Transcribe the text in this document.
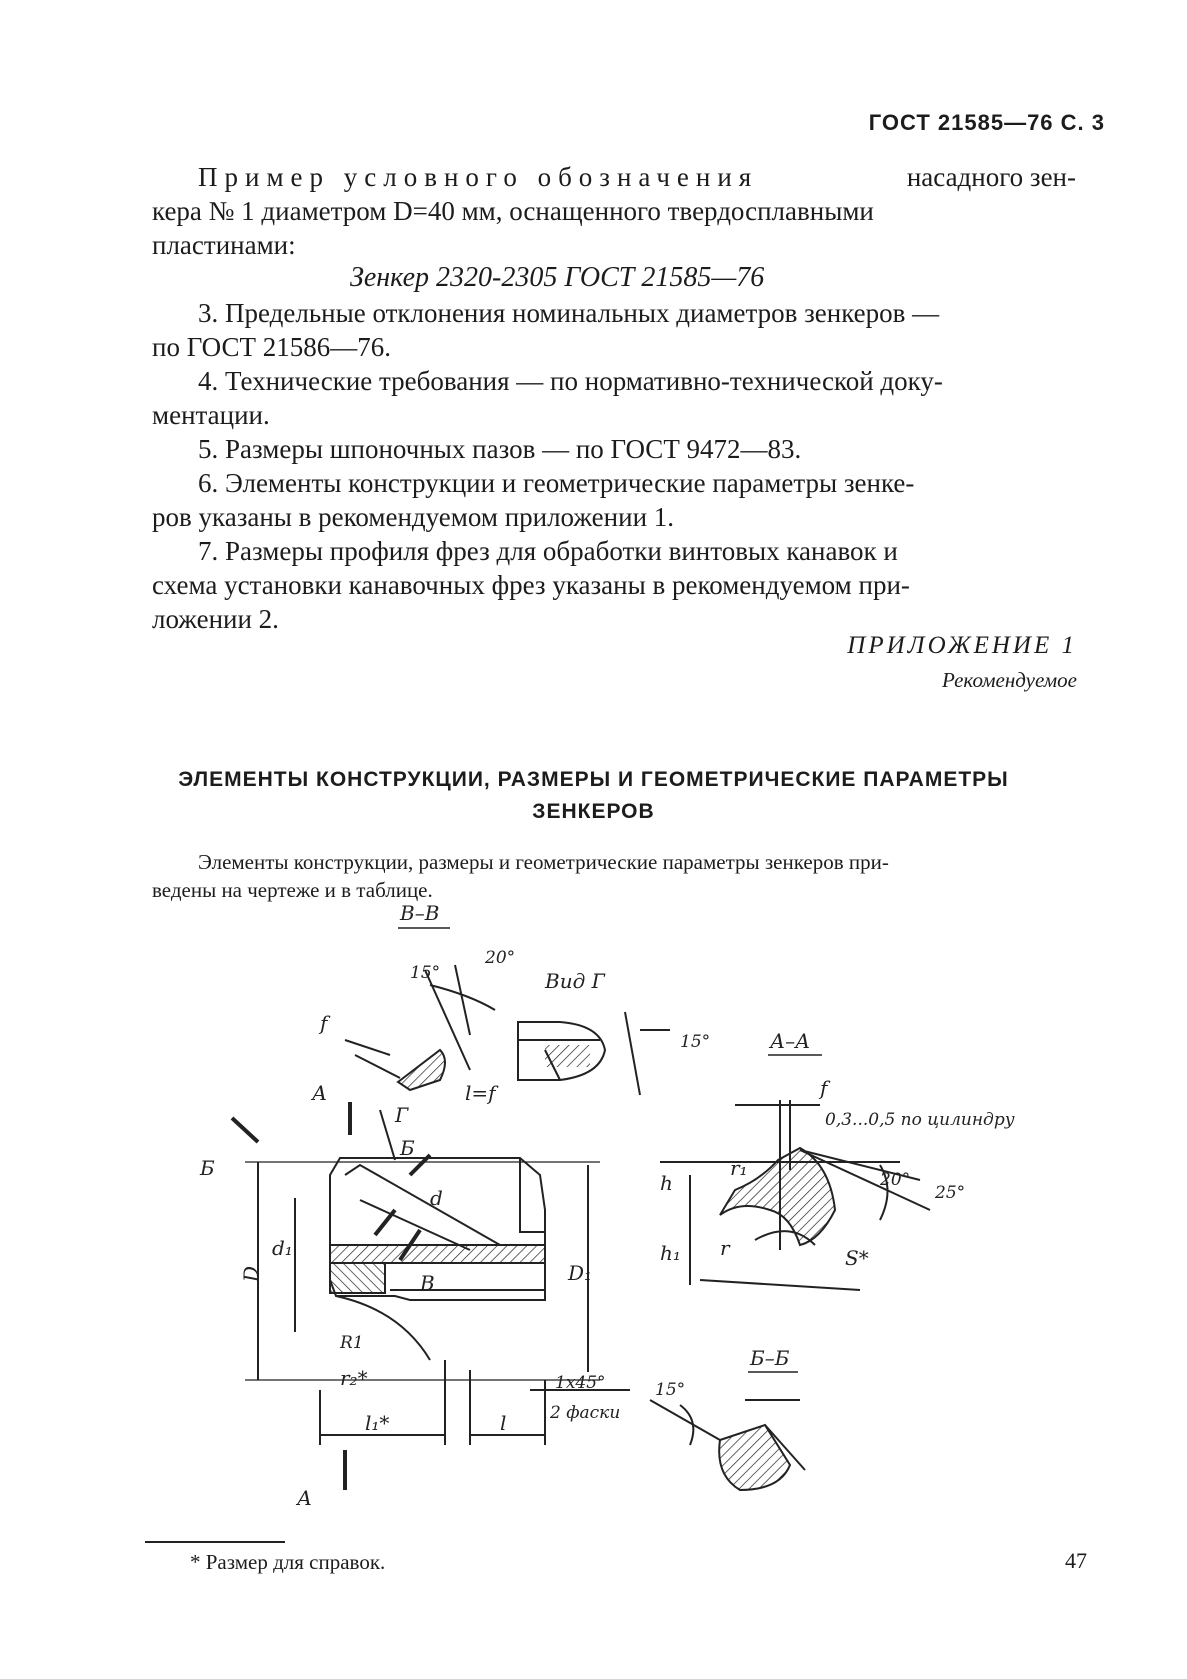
ГОСТ 21585—76 С. 3
Пример условного обозначения	насадного зен-
кера № 1 диаметром D=40 мм, оснащенного твердосплавными
пластинами:
Зенкер 2320-2305 ГОСТ 21585—76
3. Предельные отклонения номинальных диаметров зенкеров —
по ГОСТ 21586—76.
4. Технические требования — по нормативно-технической доку-
ментации.
5. Размеры шпоночных пазов — по ГОСТ 9472—83.
6. Элементы конструкции и геометрические параметры зенке-
ров указаны в рекомендуемом приложении 1.
7. Размеры профиля фрез для обработки винтовых канавок и
схема установки канавочных фрез указаны в рекомендуемом при-
ложении 2.
ПРИЛОЖЕНИЕ 1
Рекомендуемое
ЭЛЕМЕНТЫ КОНСТРУКЦИИ, РАЗМЕРЫ И ГЕОМЕТРИЧЕСКИЕ ПАРАМЕТРЫ
ЗЕНКЕРОВ
Элементы конструкции, размеры и геометрические параметры зенкеров при-
ведены на чертеже и в таблице.
В–В
Вид Г
А–А
Б–Б
15°
20°
15°
20°
25°
15°
f
l=f	f
0,3...0,5 по цилиндру
А
А
Б
Б
В
Г
D
d₁
D₁
d
h
h₁ r
r₁
S*
R1
r₂*
l₁*	l
1x45°
2 фаски
* Размер для справок.	47
